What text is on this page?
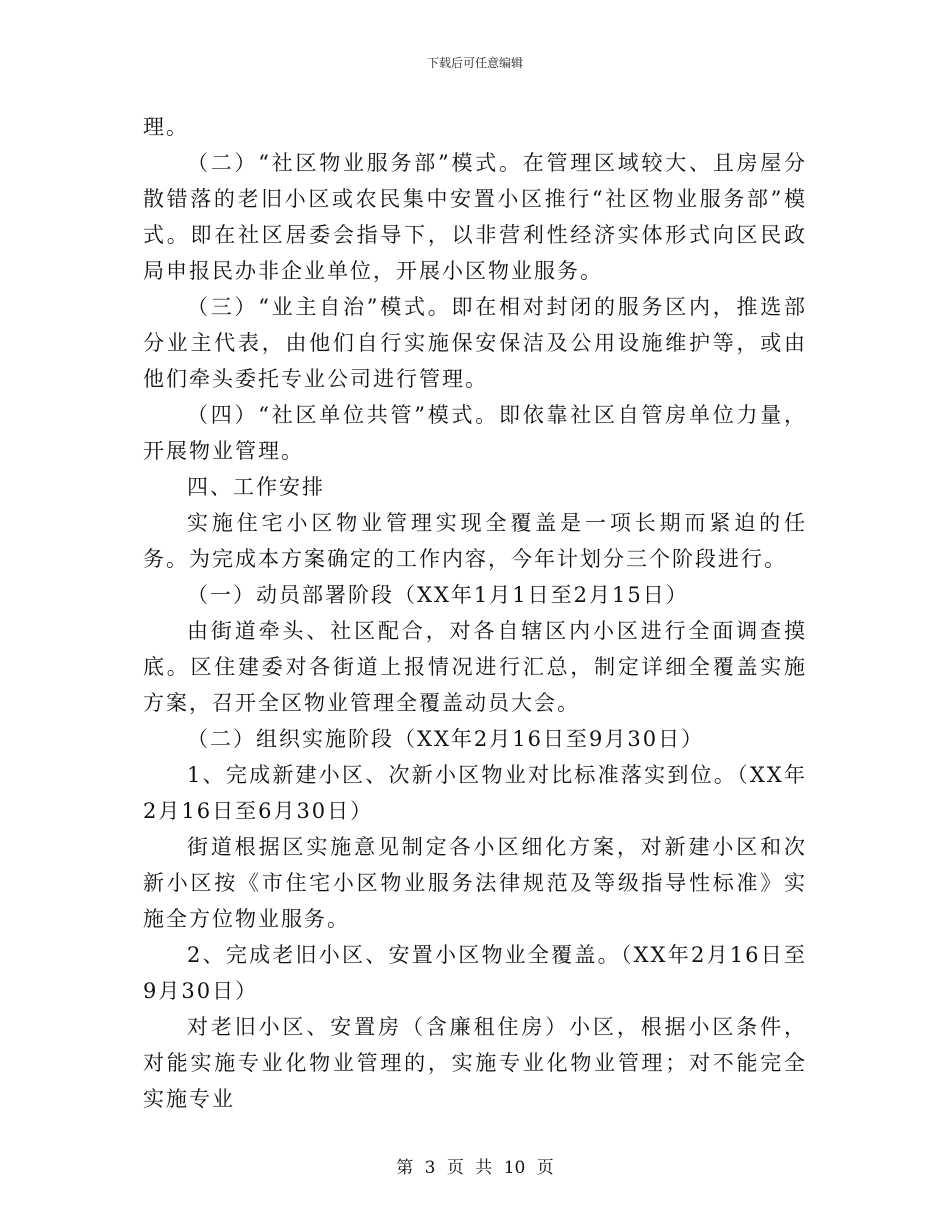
下载后可任意编辑

理。

（二）“社区物业服务部”模式。在管理区域较大、且房屋分散错落的老旧小区或农民集中安置小区推行“社区物业服务部”模式。即在社区居委会指导下，以非营利性经济实体形式向区民政局申报民办非企业单位，开展小区物业服务。

（三）“业主自治”模式。即在相对封闭的服务区内，推选部分业主代表，由他们自行实施保安保洁及公用设施维护等，或由他们牵头委托专业公司进行管理。

（四）“社区单位共管”模式。即依靠社区自管房单位力量，开展物业管理。

四、工作安排

实施住宅小区物业管理实现全覆盖是一项长期而紧迫的任务。为完成本方案确定的工作内容，今年计划分三个阶段进行。

（一）动员部署阶段（XX年1月1日至2月15日）

由街道牵头、社区配合，对各自辖区内小区进行全面调查摸底。区住建委对各街道上报情况进行汇总，制定详细全覆盖实施方案，召开全区物业管理全覆盖动员大会。

（二）组织实施阶段（XX年2月16日至9月30日）

1、完成新建小区、次新小区物业对比标准落实到位。（XX年2月16日至6月30日）

街道根据区实施意见制定各小区细化方案，对新建小区和次新小区按《市住宅小区物业服务法律规范及等级指导性标准》实施全方位物业服务。

2、完成老旧小区、安置小区物业全覆盖。（XX年2月16日至9月30日）

对老旧小区、安置房（含廉租住房）小区，根据小区条件，对能实施专业化物业管理的，实施专业化物业管理；对不能完全实施专业

第 3 页 共 10 页
